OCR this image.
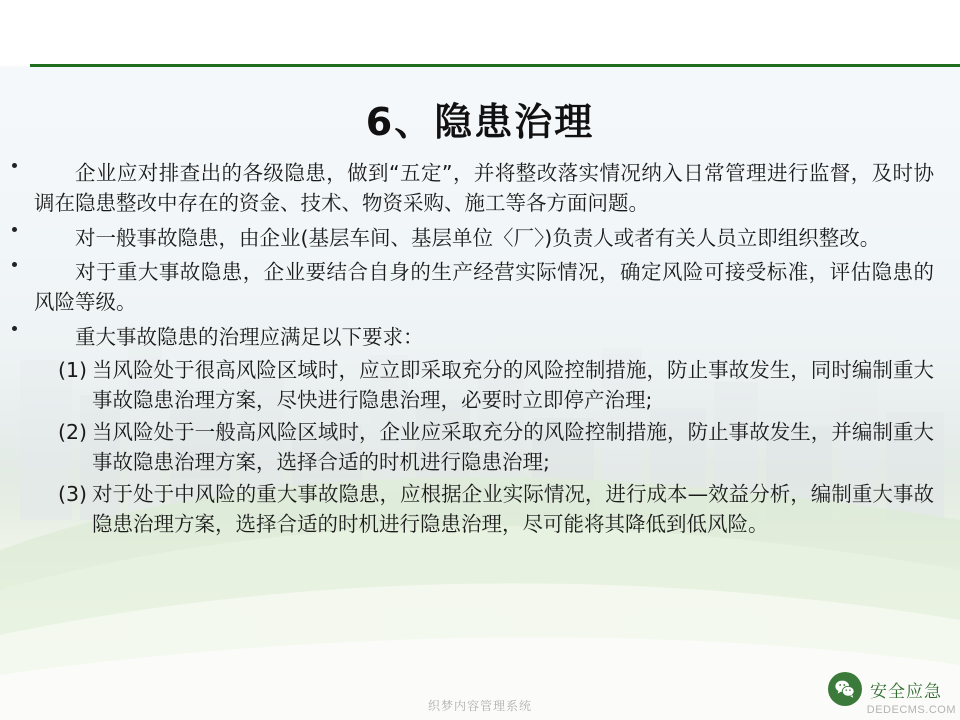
6、隐患治理
企业应对排查出的各级隐患，做到“五定”，并将整改落实情况纳入日常管理进行监督，及时协调在隐患整改中存在的资金、技术、物资采购、施工等各方面问题。
对一般事故隐患，由企业(基层车间、基层单位〈厂〉)负责人或者有关人员立即组织整改。
对于重大事故隐患，企业要结合自身的生产经营实际情况，确定风险可接受标准，评估隐患的风险等级。
重大事故隐患的治理应满足以下要求：
(1) 当风险处于很高风险区域时，应立即采取充分的风险控制措施，防止事故发生，同时编制重大事故隐患治理方案，尽快进行隐患治理，必要时立即停产治理;
(2) 当风险处于一般高风险区域时，企业应采取充分的风险控制措施，防止事故发生，并编制重大事故隐患治理方案，选择合适的时机进行隐患治理;
(3) 对于处于中风险的重大事故隐患，应根据企业实际情况，进行成本—效益分析，编制重大事故隐患治理方案，选择合适的时机进行隐患治理，尽可能将其降低到低风险。
安全应急
织梦内容管理系统	DEDECMS.COM
